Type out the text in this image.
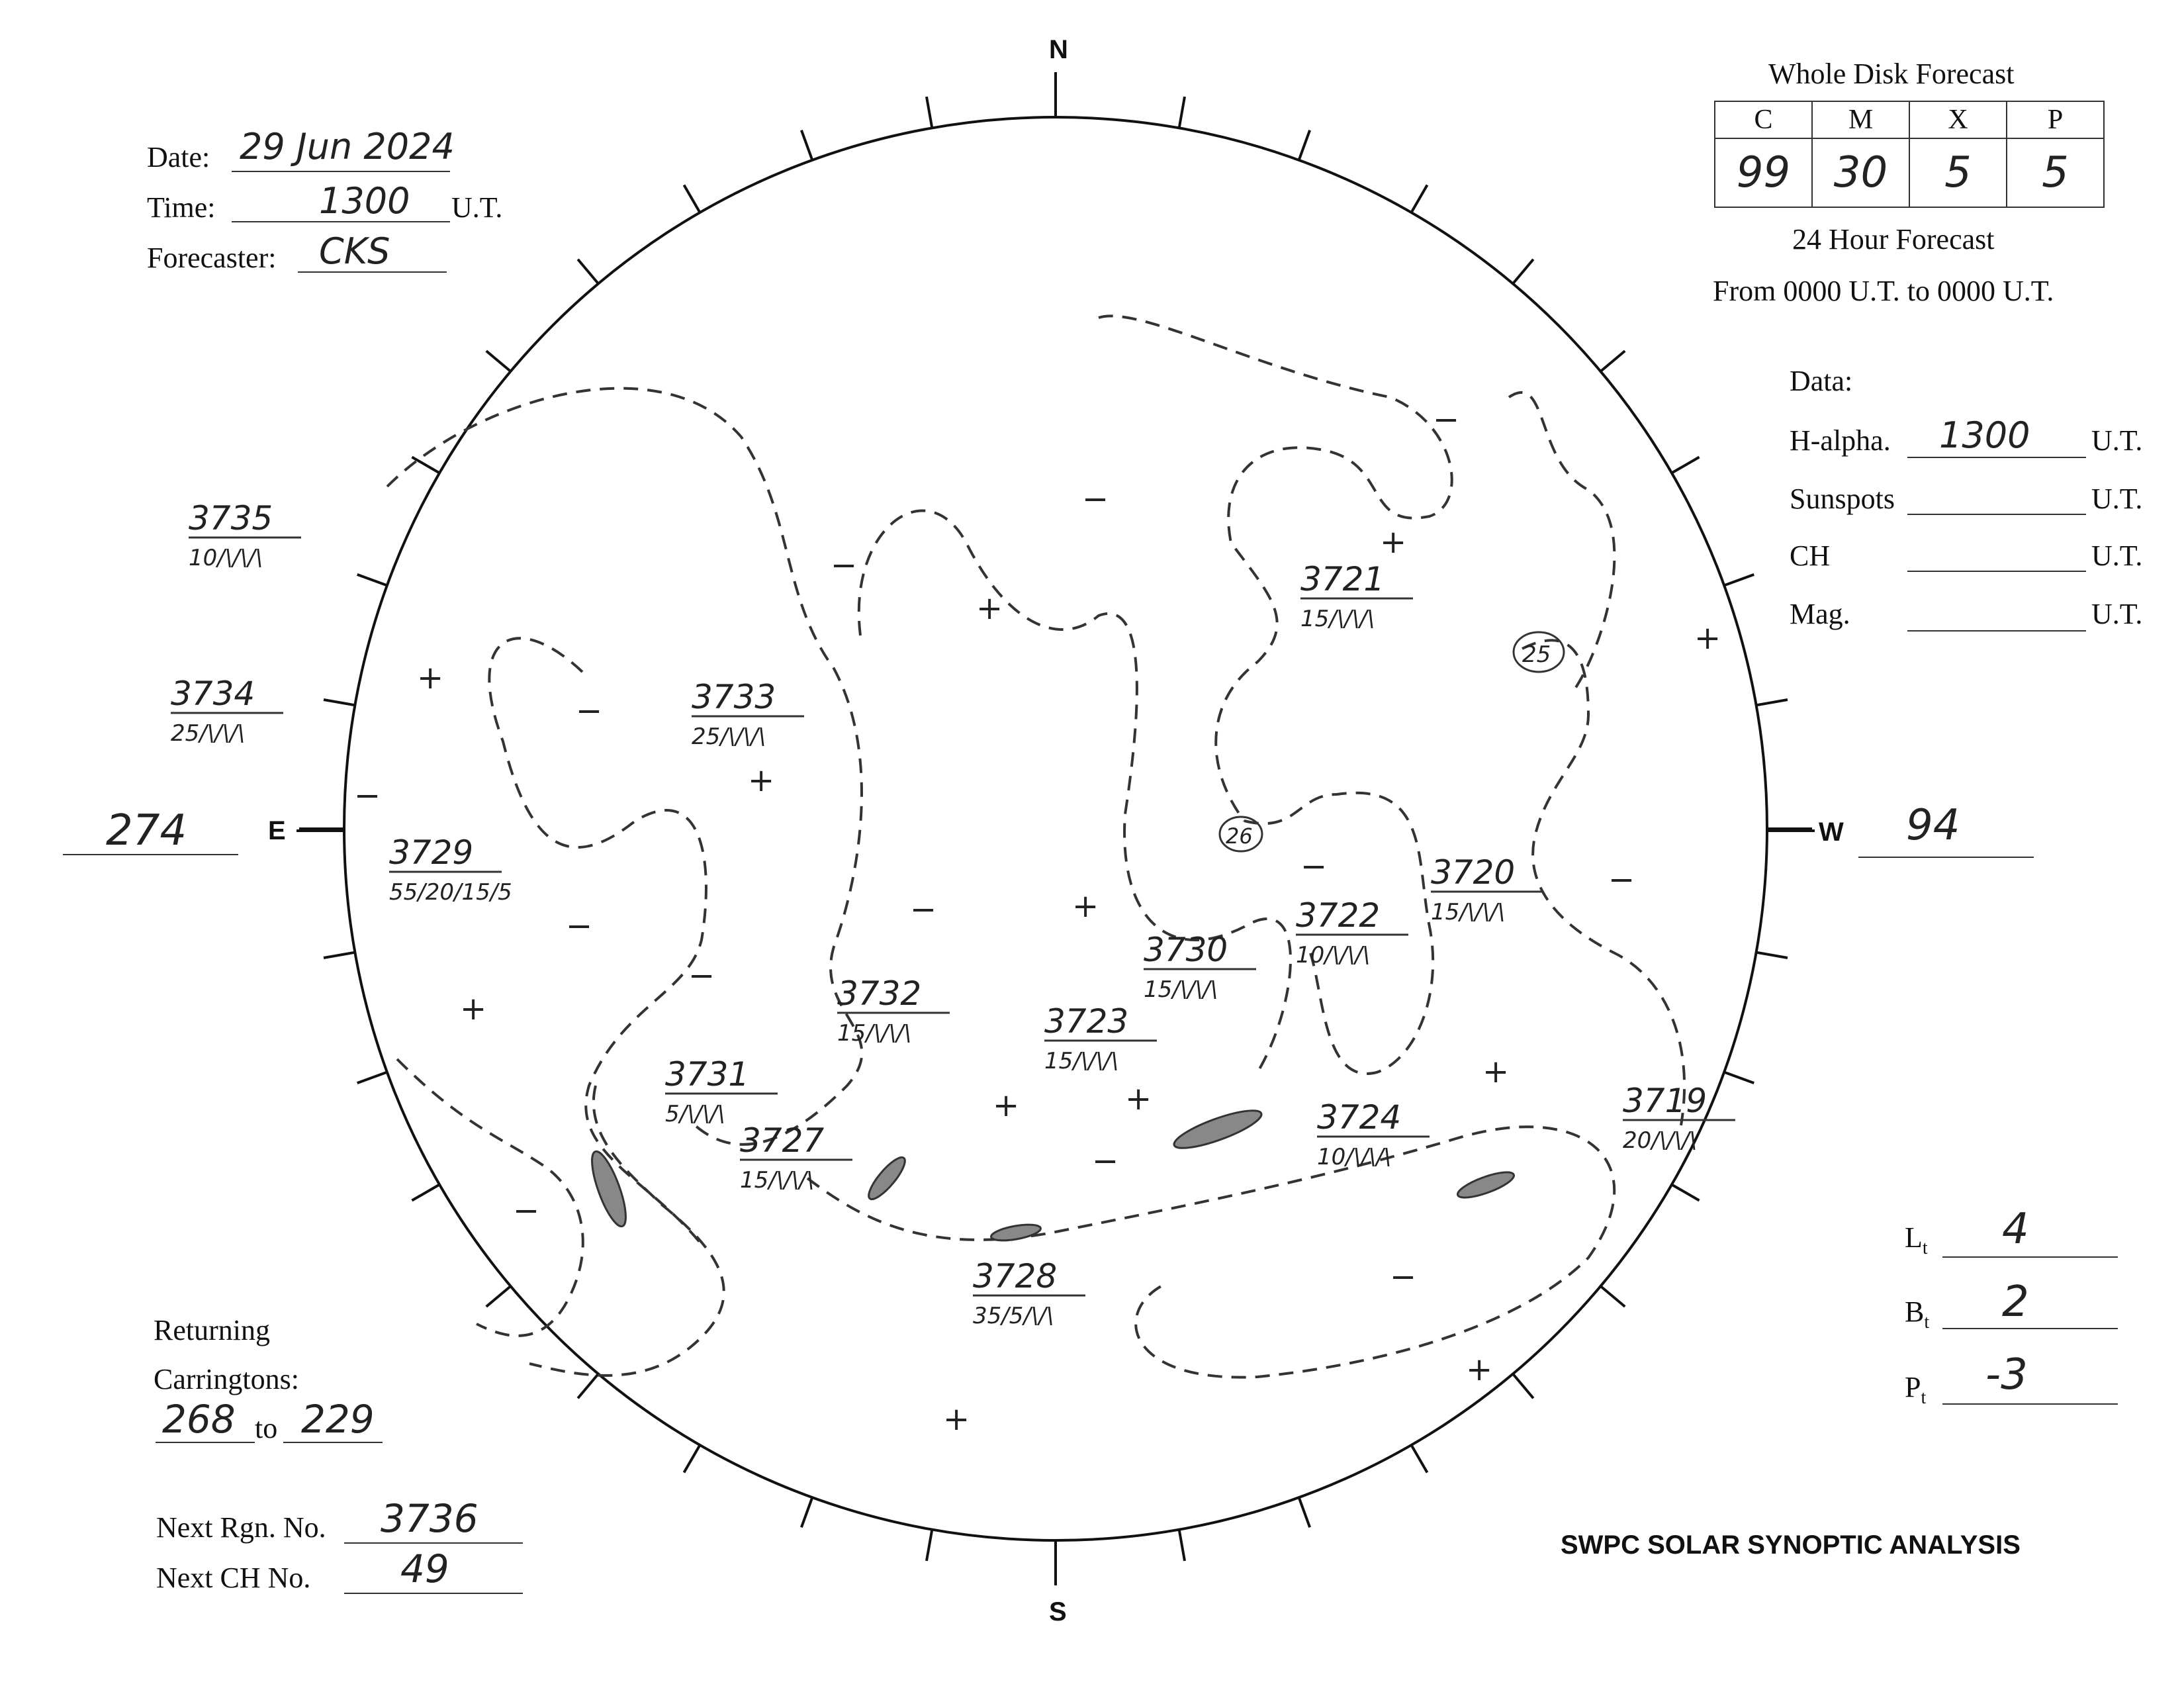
Date: 29 Jun 2024
Time:	1300 U.T.
Forecaster: CKS
Whole Disk Forecast
C	M	X	P
99	30	5	5
24 Hour Forecast
From 0000 U.T. to 0000 U.T.
Data:
H-alpha. 1300 U.T.
Sunspots	U.T.
CH	U.T.
Mag.	U.T.
N
S
E	W
+
+
+
+
+
+
+
+
+
+
+	+
−
−
−
−
−
−
−	−
−
−
−
−
−
3735
10/\/\/\
3734
25/\/\/\
3733
25/\/\/\
3729
55/20/15/5
3731
5/\/\/\
3732
15/\/\/\
3727
15/\/\/\
3728
35/5/\/\
3723
15/\/\/\
3730
15/\/\/\
3722
10/\/\/\
3724
10/\/\/\
3720
15/\/\/\
3721
15/\/\/\
3719
20/\/\/\
25
26
274	94
Returning
Carringtons:
268 to 229
Next Rgn. No. 3736
Next CH No. 49
$L_t$ 4
$B_t$ 2
$P_t$ -3
SWPC SOLAR SYNOPTIC ANALYSIS
